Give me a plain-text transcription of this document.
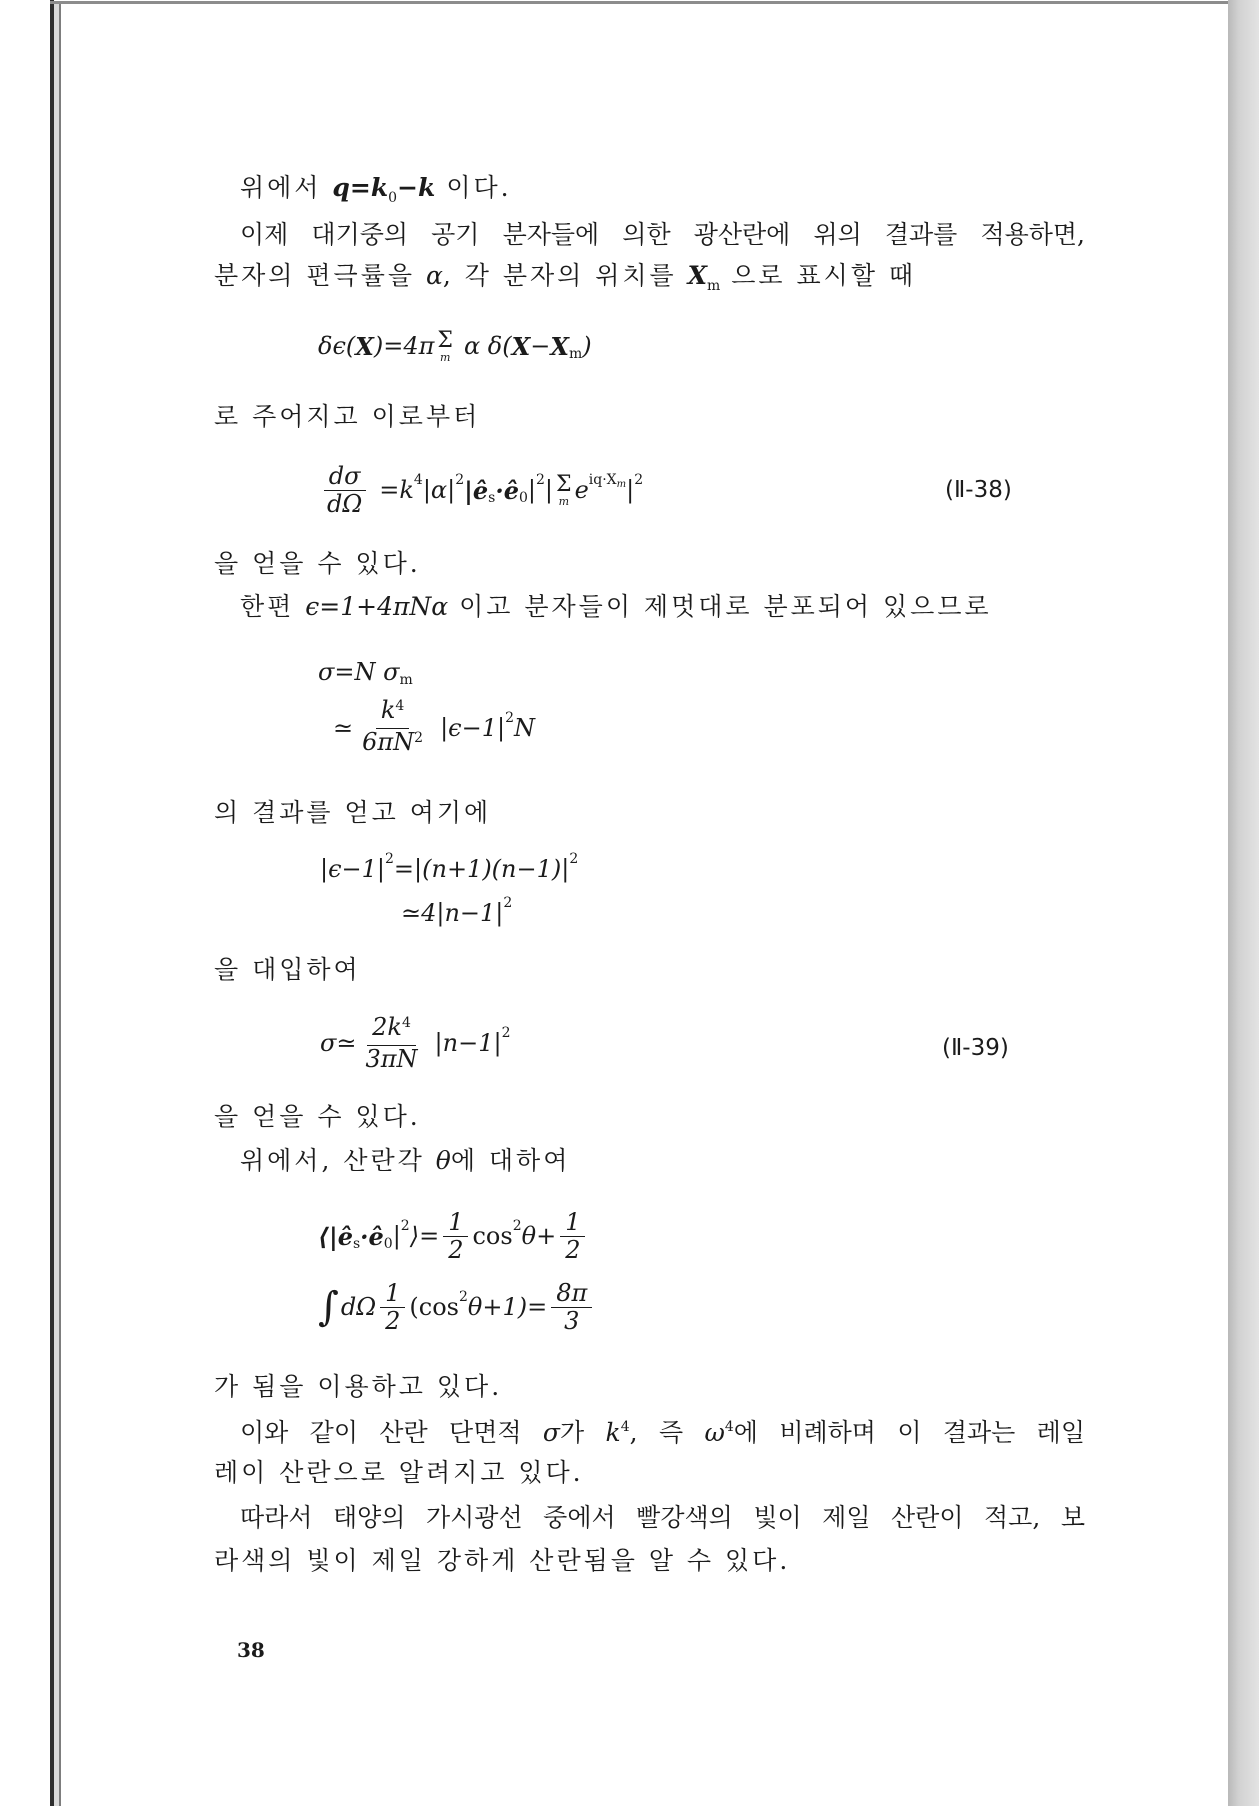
위에서 $q=k_0-k$ 이다.
이제 대기중의 공기 분자들에 의한 광산란에 위의 결과를 적용하면,
분자의 편극률을 α, 각 분자의 위치를 $X_m$ 으로 표시할 때
δϵ( X )=4π Σ
m α δ( X − X m )
로 주어지고 이로부터
$\frac{d\sigma}{d\Omega} =k$ 4 |α| 2 |ê s ·ê 0 | 2 | Σ
m e iq·X m | 2	(Ⅱ-38)
을 얻을 수 있다.
한편 ϵ=1+4πNα 이고 분자들이 제멋대로 분포되어 있으므로
σ=N σ m
≃ $\frac{k^4}{6\pi N^2} |\epsilon-1|$ 2 N
의 결과를 얻고 여기에
|ϵ−1| 2 =|(n+1)(n−1)| 2
≃4|n−1| 2
을 대입하여
σ≃ $\frac{2k^4}{3\pi N} |n-1|$ 2
(Ⅱ-39)
을 얻을 수 있다.
위에서, 산란각 θ에 대하여
⟨|ê s ·ê 0 | 2 ⟩= $\frac{1}{2}$ cos 2 $\theta+ \frac{1}{2}$
∫ dΩ $\frac{1}{2} (\cos$ 2 $\theta+1)= \frac{8\pi}{3}$
가 됨을 이용하고 있다.
이와 같이 산란 단면적 σ가 $k^4$, 즉 $\omega^4$에 비례하며 이 결과는 레일
레이 산란으로 알려지고 있다.
따라서 태양의 가시광선 중에서 빨강색의 빛이 제일 산란이 적고, 보
라색의 빛이 제일 강하게 산란됨을 알 수 있다.
38
